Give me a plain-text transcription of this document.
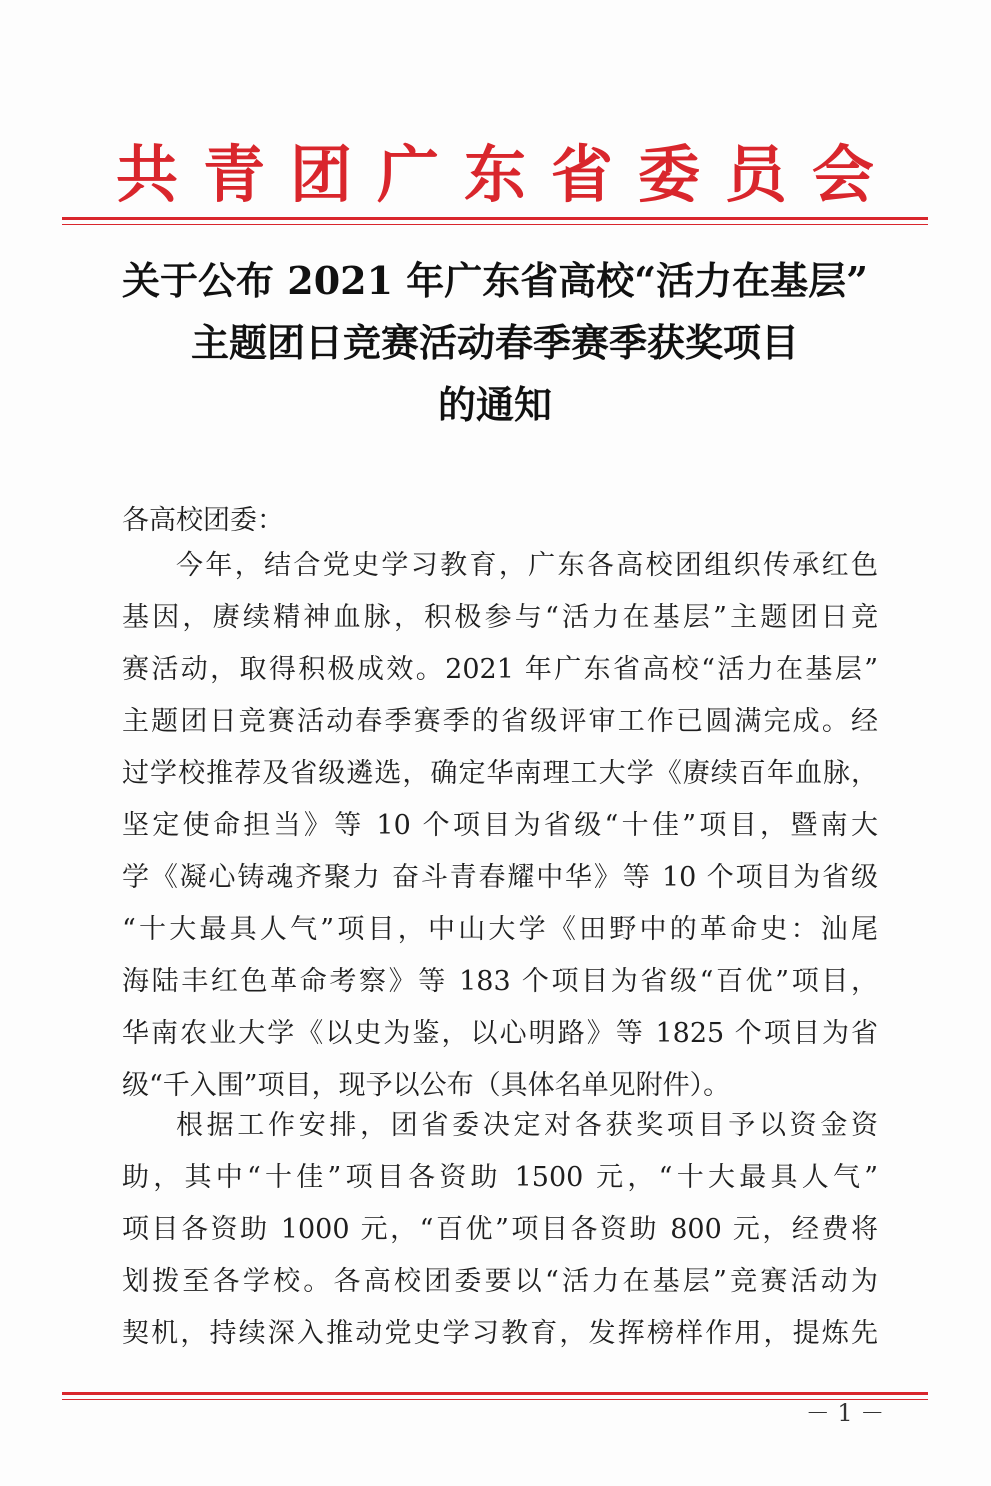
共 青 团 广 东 省 委 员 会
关于公布 2021 年广东省高校“活力在基层”
主题团日竞赛活动春季赛季获奖项目
的通知
各高校团委：
今年，结合党史学习教育，广东各高校团组织传承红色
基因，赓续精神血脉，积极参与“活力在基层”主题团日竞
赛活动，取得积极成效。2021 年广东省高校“活力在基层”
主题团日竞赛活动春季赛季的省级评审工作已圆满完成。经
过学校推荐及省级遴选，确定华南理工大学《赓续百年血脉，
坚定使命担当》等 10 个项目为省级“十佳”项目，暨南大
学《凝心铸魂齐聚力 奋斗青春耀中华》等 10 个项目为省级
“十大最具人气”项目，中山大学《田野中的革命史：汕尾
海陆丰红色革命考察》等 183 个项目为省级“百优”项目，
华南农业大学《以史为鉴，以心明路》等 1825 个项目为省
级“千入围”项目，现予以公布（具体名单见附件）。
根据工作安排，团省委决定对各获奖项目予以资金资
助，其中“十佳”项目各资助 1500 元，“十大最具人气”
项目各资助 1000 元，“百优”项目各资助 800 元，经费将
划拨至各学校。各高校团委要以“活力在基层”竞赛活动为
契机，持续深入推动党史学习教育，发挥榜样作用，提炼先
－ 1 －
